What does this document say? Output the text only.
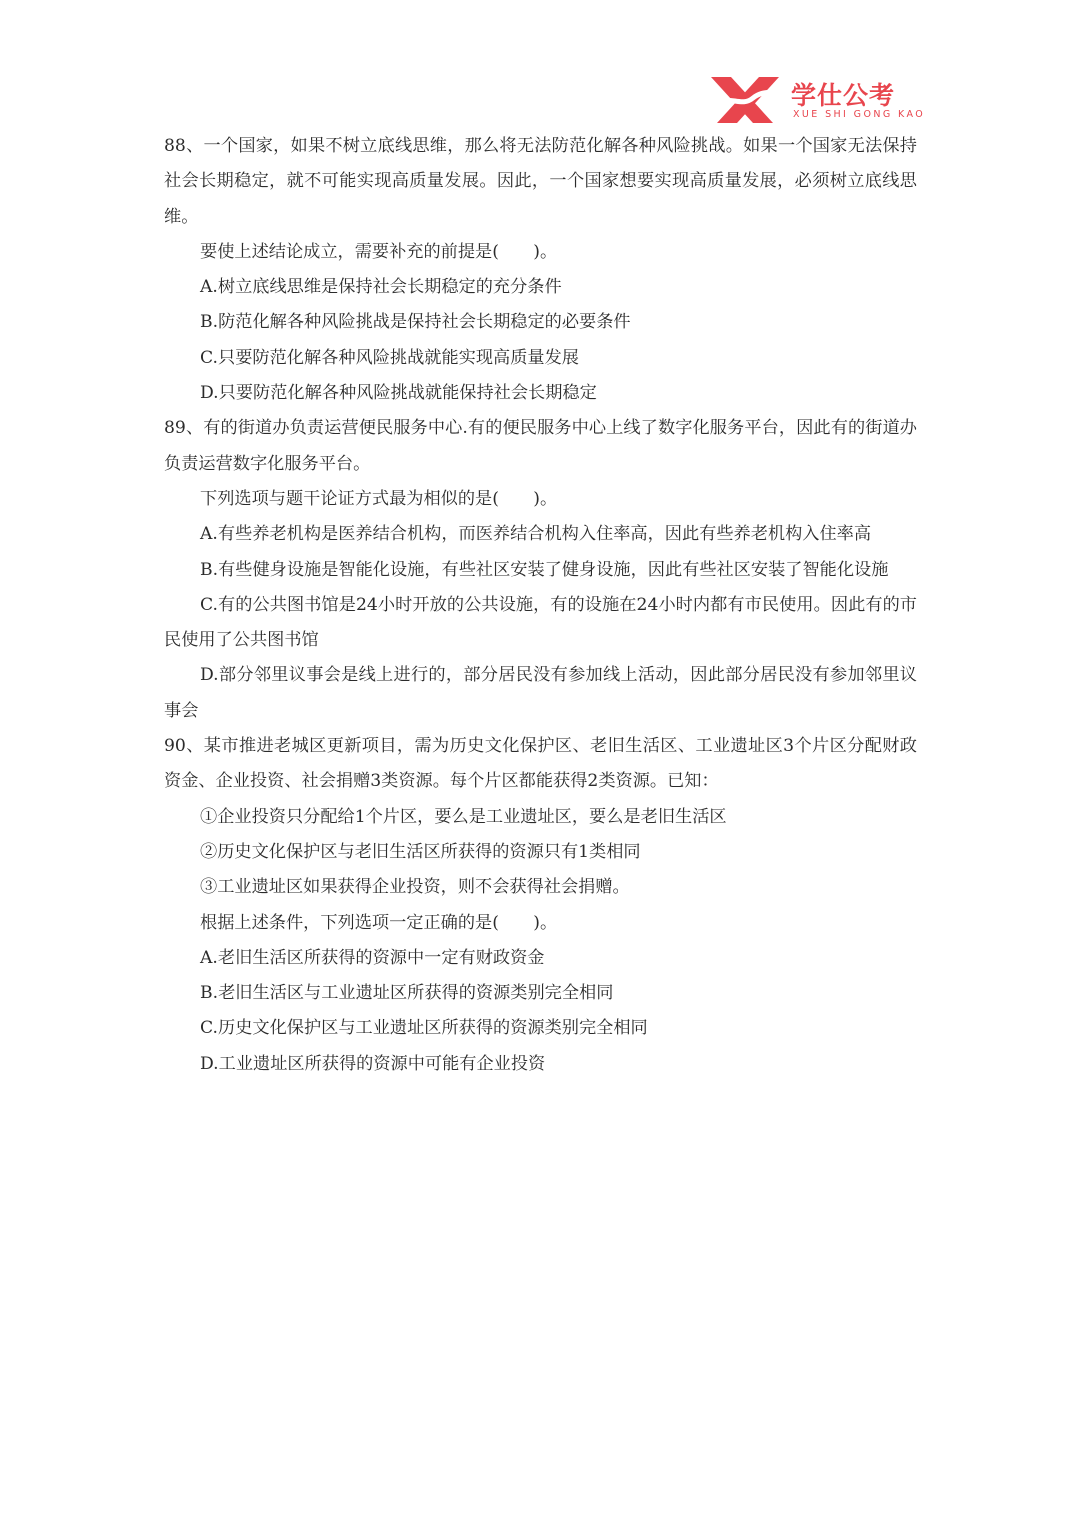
学仕公考
XUE SHI GONG KAO

88、一个国家，如果不树立底线思维，那么将无法防范化解各种风险挑战。如果一个国家无法保持社会长期稳定，就不可能实现高质量发展。因此，一个国家想要实现高质量发展，必须树立底线思维。

要使上述结论成立，需要补充的前提是(　　)。

A.树立底线思维是保持社会长期稳定的充分条件

B.防范化解各种风险挑战是保持社会长期稳定的必要条件

C.只要防范化解各种风险挑战就能实现高质量发展

D.只要防范化解各种风险挑战就能保持社会长期稳定

89、有的街道办负责运营便民服务中心.有的便民服务中心上线了数字化服务平台，因此有的街道办负责运营数字化服务平台。

下列选项与题干论证方式最为相似的是(　　)。

A.有些养老机构是医养结合机构，而医养结合机构入住率高，因此有些养老机构入住率高

B.有些健身设施是智能化设施，有些社区安装了健身设施，因此有些社区安装了智能化设施

C.有的公共图书馆是24小时开放的公共设施，有的设施在24小时内都有市民使用。因此有的市民使用了公共图书馆

D.部分邻里议事会是线上进行的，部分居民没有参加线上活动，因此部分居民没有参加邻里议事会

90、某市推进老城区更新项目，需为历史文化保护区、老旧生活区、工业遗址区3个片区分配财政资金、企业投资、社会捐赠3类资源。每个片区都能获得2类资源。已知：

①企业投资只分配给1个片区，要么是工业遗址区，要么是老旧生活区

②历史文化保护区与老旧生活区所获得的资源只有1类相同

③工业遗址区如果获得企业投资，则不会获得社会捐赠。

根据上述条件，下列选项一定正确的是(　　)。

A.老旧生活区所获得的资源中一定有财政资金

B.老旧生活区与工业遗址区所获得的资源类别完全相同

C.历史文化保护区与工业遗址区所获得的资源类别完全相同

D.工业遗址区所获得的资源中可能有企业投资
